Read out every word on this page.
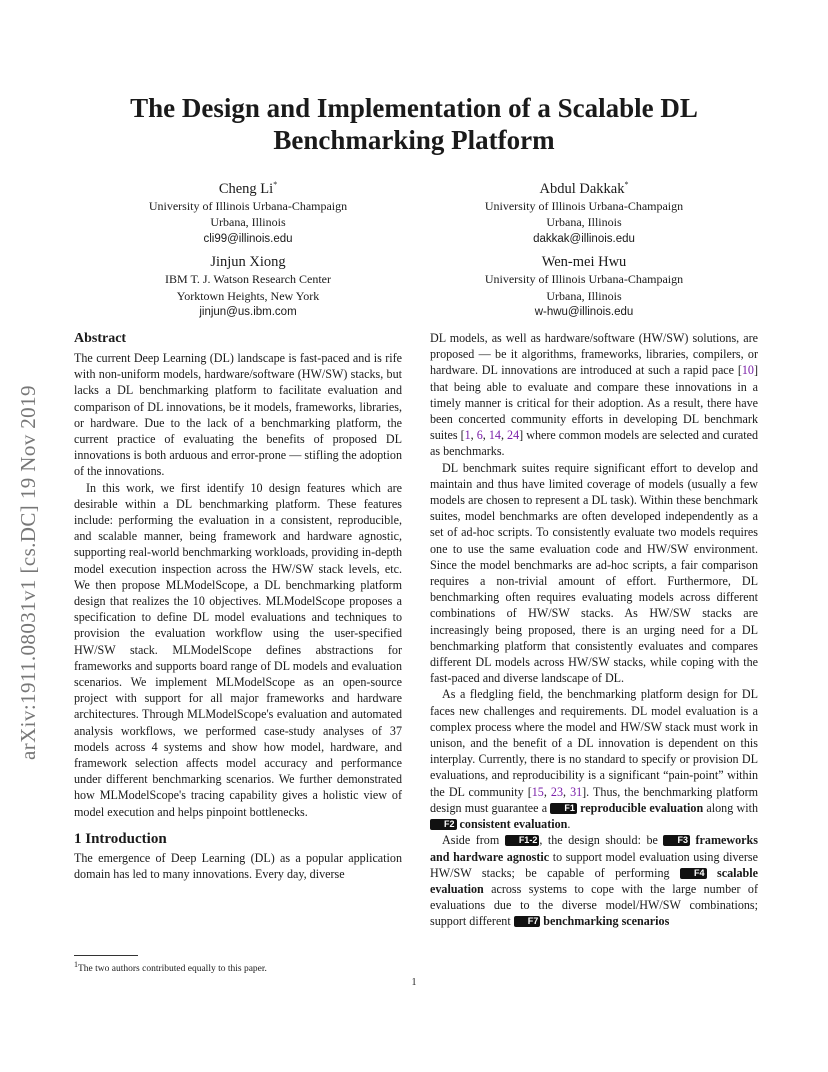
The Design and Implementation of a Scalable DL Benchmarking Platform
Cheng Li*
University of Illinois Urbana-Champaign
Urbana, Illinois
cli99@illinois.edu
Abdul Dakkak*
University of Illinois Urbana-Champaign
Urbana, Illinois
dakkak@illinois.edu
Jinjun Xiong
IBM T. J. Watson Research Center
Yorktown Heights, New York
jinjun@us.ibm.com
Wen-mei Hwu
University of Illinois Urbana-Champaign
Urbana, Illinois
w-hwu@illinois.edu
arXiv:1911.08031v1 [cs.DC] 19 Nov 2019
Abstract

The current Deep Learning (DL) landscape is fast-paced and is rife with non-uniform models, hardware/software (HW/SW) stacks, but lacks a DL benchmarking platform to facilitate evaluation and comparison of DL innovations, be it models, frameworks, libraries, or hardware. Due to the lack of a benchmarking platform, the current practice of evaluating the benefits of proposed DL innovations is both arduous and error-prone — stifling the adoption of the innovations.

In this work, we first identify 10 design features which are desirable within a DL benchmarking platform. These features include: performing the evaluation in a consistent, reproducible, and scalable manner, being framework and hardware agnostic, supporting real-world benchmarking workloads, providing in-depth model execution inspection across the HW/SW stack levels, etc. We then propose MLModelScope, a DL benchmarking platform design that realizes the 10 objectives. MLModelScope proposes a specification to define DL model evaluations and techniques to provision the evaluation workflow using the user-specified HW/SW stack. MLModelScope defines abstractions for frameworks and supports board range of DL models and evaluation scenarios. We implement MLModelScope as an open-source project with support for all major frameworks and hardware architectures. Through MLModelScope's evaluation and automated analysis workflows, we performed case-study analyses of 37 models across 4 systems and show how model, hardware, and framework selection affects model accuracy and performance under different benchmarking scenarios. We further demonstrated how MLModelScope's tracing capability gives a holistic view of model execution and helps pinpoint bottlenecks.

1 Introduction

The emergence of Deep Learning (DL) as a popular application domain has led to many innovations. Every day, diverse

DL models, as well as hardware/software (HW/SW) solutions, are proposed — be it algorithms, frameworks, libraries, compilers, or hardware. DL innovations are introduced at such a rapid pace [10] that being able to evaluate and compare these innovations in a timely manner is critical for their adoption. As a result, there have been concerted community efforts in developing DL benchmark suites [1, 6, 14, 24] where common models are selected and curated as benchmarks.

DL benchmark suites require significant effort to develop and maintain and thus have limited coverage of models (usually a few models are chosen to represent a DL task). Within these benchmark suites, model benchmarks are often developed independently as a set of ad-hoc scripts. To consistently evaluate two models requires one to use the same evaluation code and HW/SW environment. Since the model benchmarks are ad-hoc scripts, a fair comparison requires a non-trivial amount of effort. Furthermore, DL benchmarking often requires evaluating models across different combinations of HW/SW stacks. As HW/SW stacks are increasingly being proposed, there is an urging need for a DL benchmarking platform that consistently evaluates and compares different DL models across HW/SW stacks, while coping with the fast-paced and diverse landscape of DL.

As a fledgling field, the benchmarking platform design for DL faces new challenges and requirements. DL model evaluation is a complex process where the model and HW/SW stack must work in unison, and the benefit of a DL innovation is dependent on this interplay. Currently, there is no standard to specify or provision DL evaluations, and reproducibility is a significant “pain-point” within the DL community [15, 23, 31]. Thus, the benchmarking platform design must guarantee a F1 reproducible evaluation along with F2 consistent evaluation.

Aside from F1-2 , the design should: be F3 frameworks and hardware agnostic to support model evaluation using diverse HW/SW stacks; be capable of performing F4 scalable evaluation across systems to cope with the large number of evaluations due to the diverse model/HW/SW combinations; support different F7 benchmarking scenarios

$^1$The two authors contributed equally to this paper.
1
